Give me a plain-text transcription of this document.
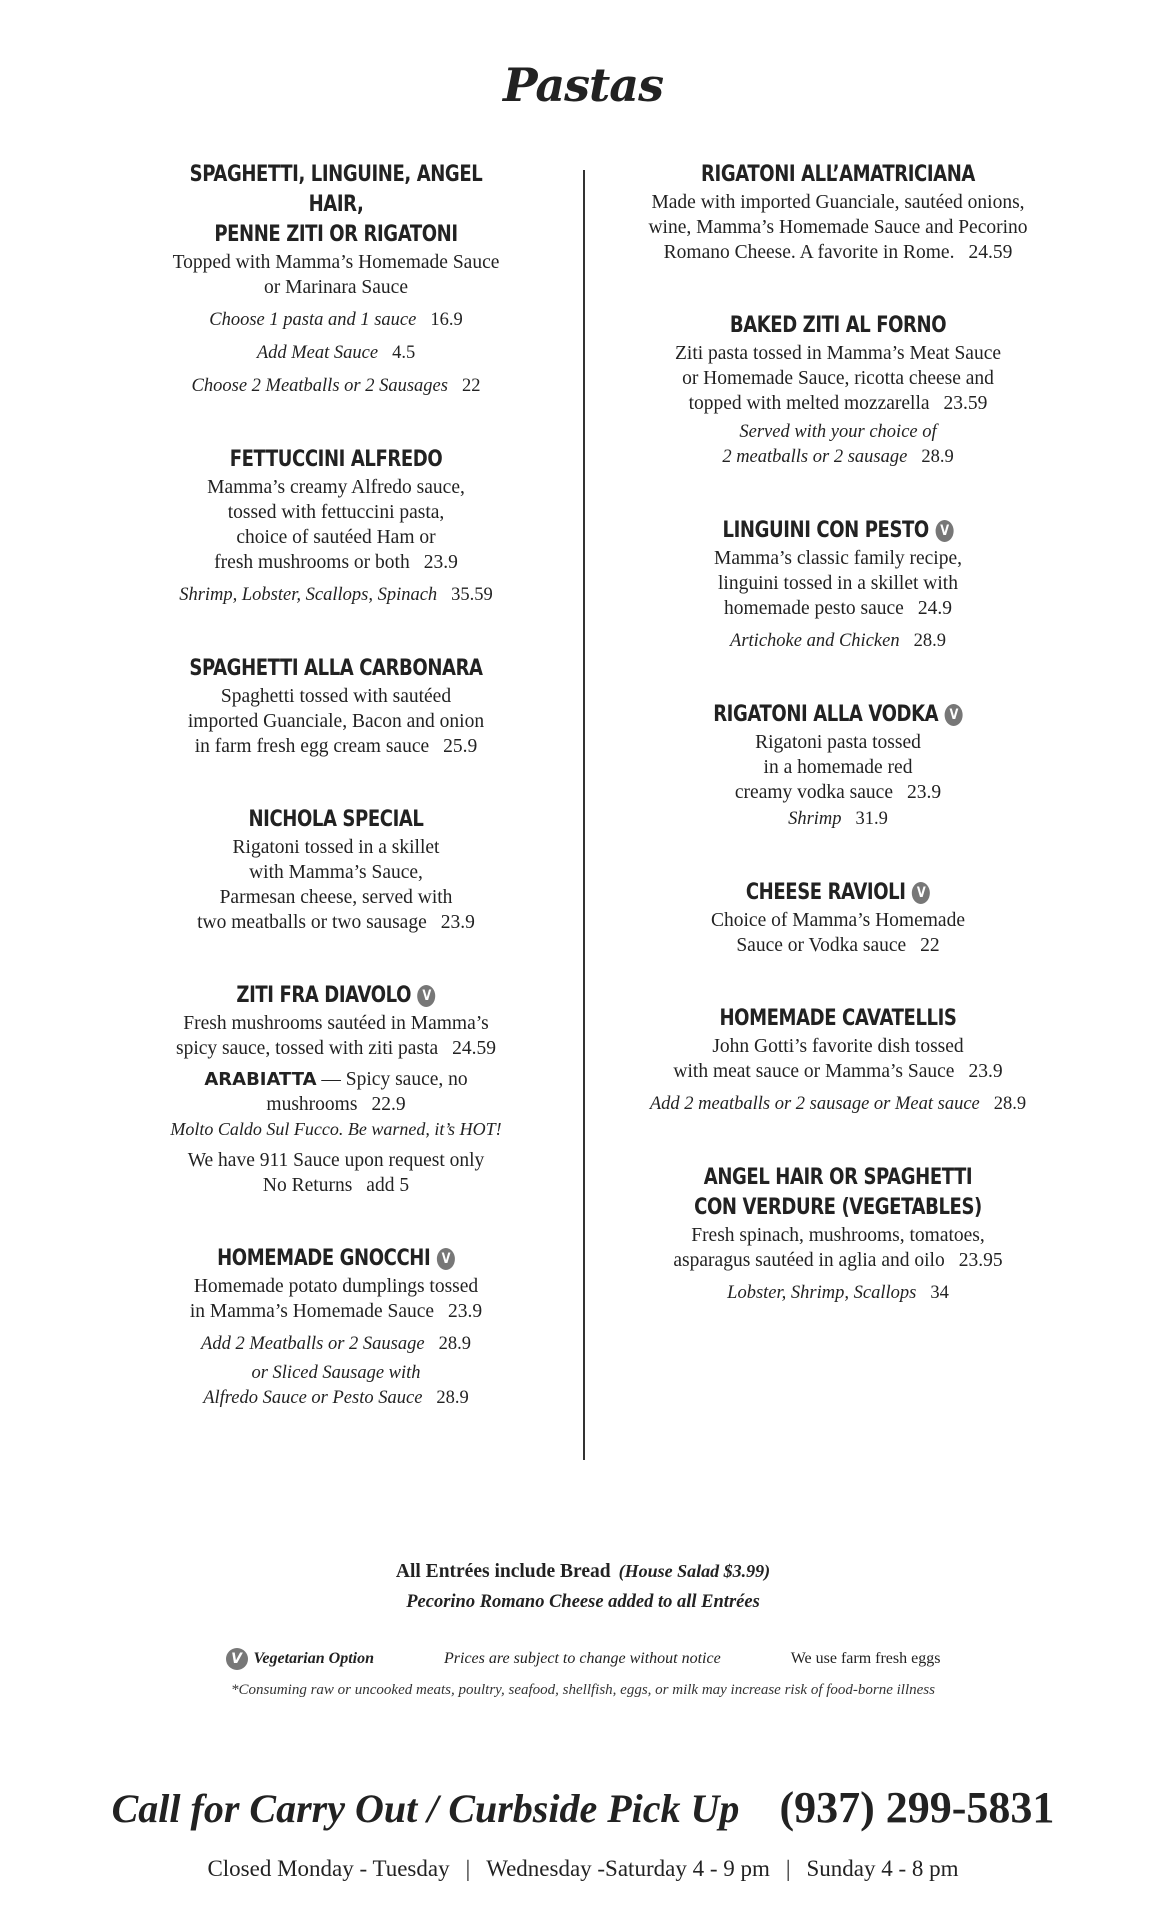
Pastas
SPAGHETTI, LINGUINE, ANGEL HAIR,
PENNE ZITI OR RIGATONI
Topped with Mamma’s Homemade Sauce
or Marinara Sauce
Choose 1 pasta and 1 sauce 16.9
Add Meat Sauce 4.5
Choose 2 Meatballs or 2 Sausages 22
FETTUCCINI ALFREDO
Mamma’s creamy Alfredo sauce,
tossed with fettuccini pasta,
choice of sautéed Ham or
fresh mushrooms or both 23.9
Shrimp, Lobster, Scallops, Spinach 35.59
SPAGHETTI ALLA CARBONARA
Spaghetti tossed with sautéed
imported Guanciale, Bacon and onion
in farm fresh egg cream sauce 25.9
NICHOLA SPECIAL
Rigatoni tossed in a skillet
with Mamma’s Sauce,
Parmesan cheese, served with
two meatballs or two sausage 23.9
ZITI FRA DIAVOLO V
Fresh mushrooms sautéed in Mamma’s
spicy sauce, tossed with ziti pasta 24.59
ARABIATTA — Spicy sauce, no mushrooms 22.9
Molto Caldo Sul Fucco. Be warned, it’s HOT!
We have 911 Sauce upon request only
No Returns add 5
HOMEMADE GNOCCHI V
Homemade potato dumplings tossed
in Mamma’s Homemade Sauce 23.9
Add 2 Meatballs or 2 Sausage 28.9
or Sliced Sausage with
Alfredo Sauce or Pesto Sauce 28.9
RIGATONI ALL’AMATRICIANA
Made with imported Guanciale, sautéed onions,
wine, Mamma’s Homemade Sauce and Pecorino
Romano Cheese. A favorite in Rome. 24.59
BAKED ZITI AL FORNO
Ziti pasta tossed in Mamma’s Meat Sauce
or Homemade Sauce, ricotta cheese and
topped with melted mozzarella 23.59
Served with your choice of
2 meatballs or 2 sausage 28.9
LINGUINI CON PESTO V
Mamma’s classic family recipe,
linguini tossed in a skillet with
homemade pesto sauce 24.9
Artichoke and Chicken 28.9
RIGATONI ALLA VODKA V
Rigatoni pasta tossed
in a homemade red
creamy vodka sauce 23.9
Shrimp 31.9
CHEESE RAVIOLI V
Choice of Mamma’s Homemade
Sauce or Vodka sauce 22
HOMEMADE CAVATELLIS
John Gotti’s favorite dish tossed
with meat sauce or Mamma’s Sauce 23.9
Add 2 meatballs or 2 sausage or Meat sauce 28.9
ANGEL HAIR OR SPAGHETTI
CON VERDURE (VEGETABLES)
Fresh spinach, mushrooms, tomatoes,
asparagus sautéed in aglia and oilo 23.95
Lobster, Shrimp, Scallops 34
All Entrées include Bread (House Salad $3.99)
Pecorino Romano Cheese added to all Entrées
V Vegetarian Option	Prices are subject to change without notice	We use farm fresh eggs
*Consuming raw or uncooked meats, poultry, seafood, shellfish, eggs, or milk may increase risk of food-borne illness
Call for Carry Out / Curbside Pick Up (937) 299-5831
Closed Monday - Tuesday | Wednesday -Saturday 4 - 9 pm | Sunday 4 - 8 pm
